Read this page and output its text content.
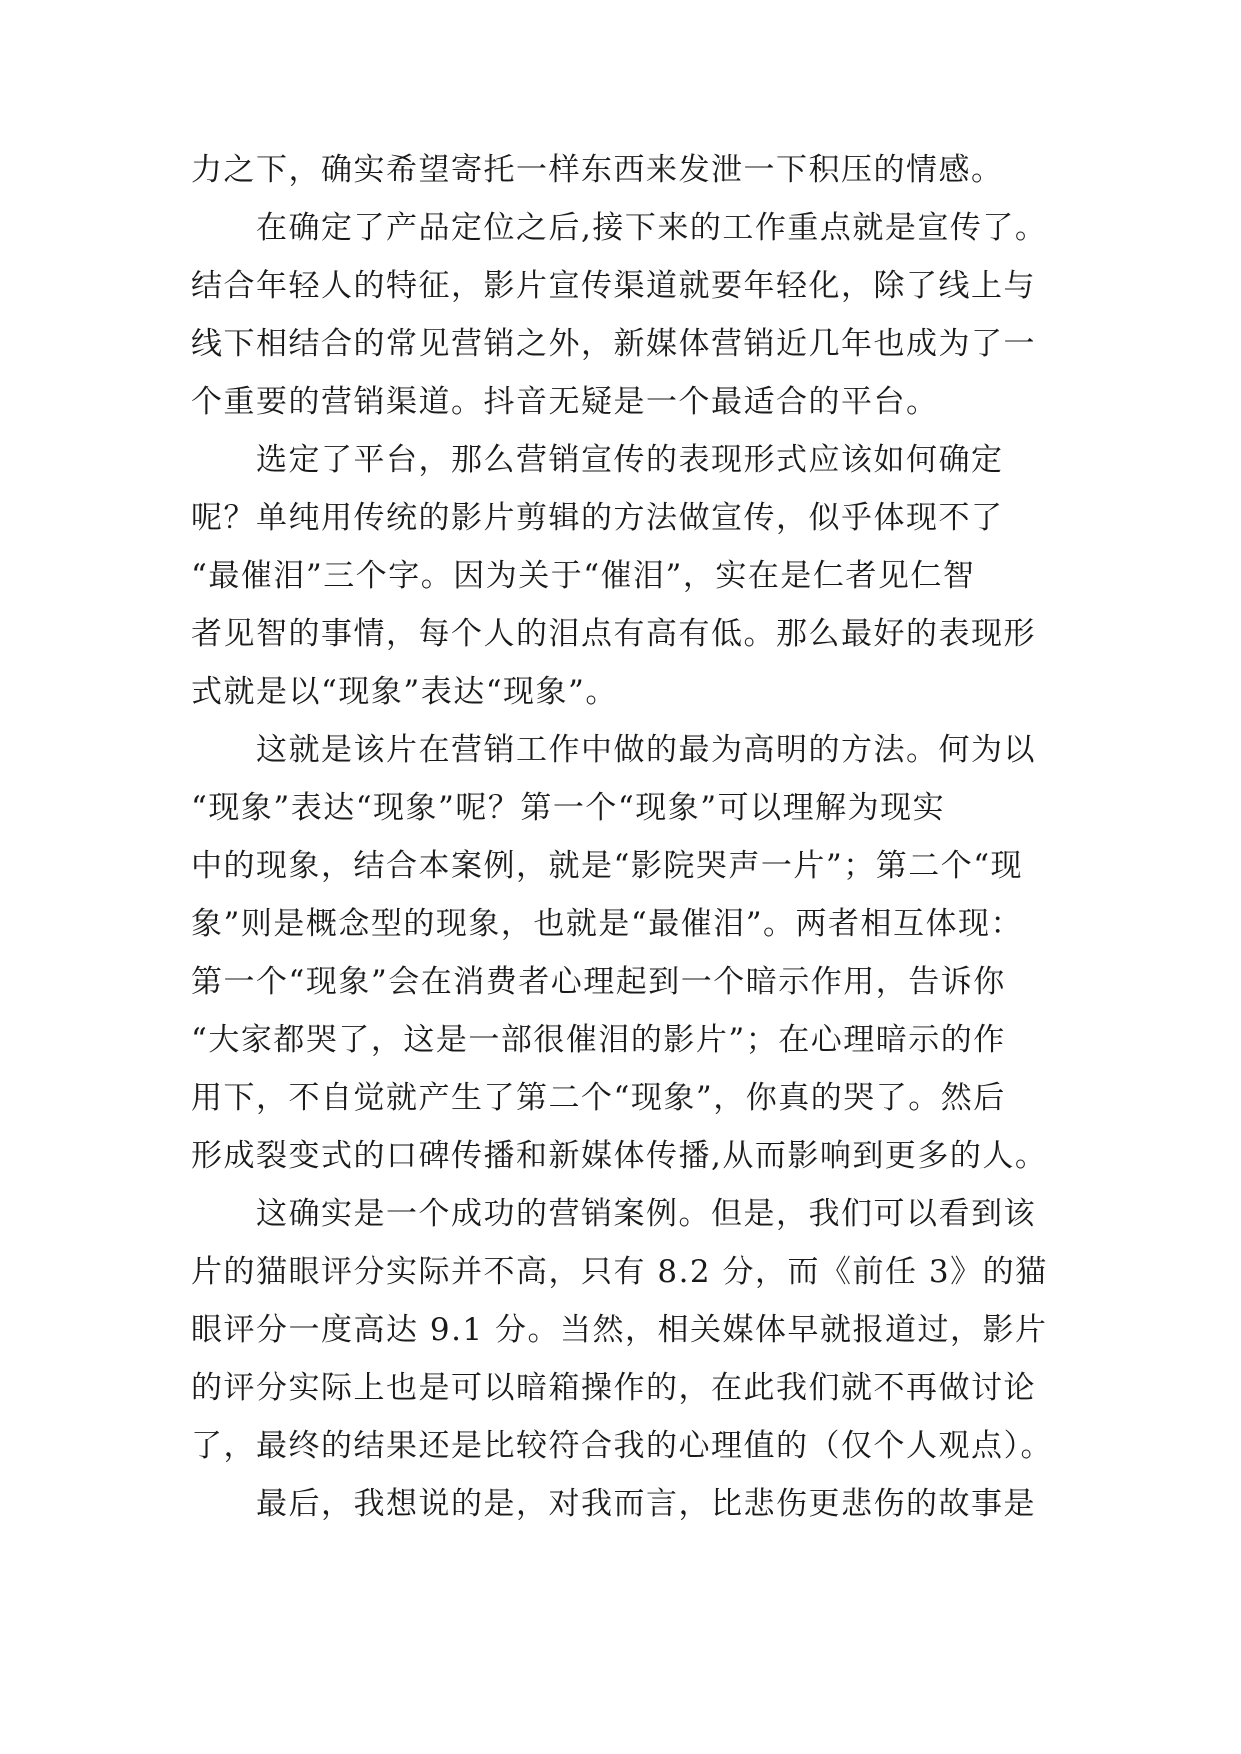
力之下，确实希望寄托一样东西来发泄一下积压的情感。
在确定了产品定位之后,接下来的工作重点就是宣传了。
结合年轻人的特征，影片宣传渠道就要年轻化，除了线上与
线下相结合的常见营销之外，新媒体营销近几年也成为了一
个重要的营销渠道。抖音无疑是一个最适合的平台。
选定了平台，那么营销宣传的表现形式应该如何确定
呢？单纯用传统的影片剪辑的方法做宣传，似乎体现不了
“最催泪”三个字。因为关于“催泪”，实在是仁者见仁智
者见智的事情，每个人的泪点有高有低。那么最好的表现形
式就是以“现象”表达“现象”。
这就是该片在营销工作中做的最为高明的方法。何为以
“现象”表达“现象”呢？第一个“现象”可以理解为现实
中的现象，结合本案例，就是“影院哭声一片”；第二个“现
象”则是概念型的现象，也就是“最催泪”。两者相互体现：
第一个“现象”会在消费者心理起到一个暗示作用，告诉你
“大家都哭了，这是一部很催泪的影片”；在心理暗示的作
用下，不自觉就产生了第二个“现象”，你真的哭了。然后
形成裂变式的口碑传播和新媒体传播,从而影响到更多的人。
这确实是一个成功的营销案例。但是，我们可以看到该
片的猫眼评分实际并不高，只有 8.2 分，而《前任 3》的猫
眼评分一度高达 9.1 分。当然，相关媒体早就报道过，影片
的评分实际上也是可以暗箱操作的，在此我们就不再做讨论
了，最终的结果还是比较符合我的心理值的（仅个人观点）。
最后，我想说的是，对我而言，比悲伤更悲伤的故事是
